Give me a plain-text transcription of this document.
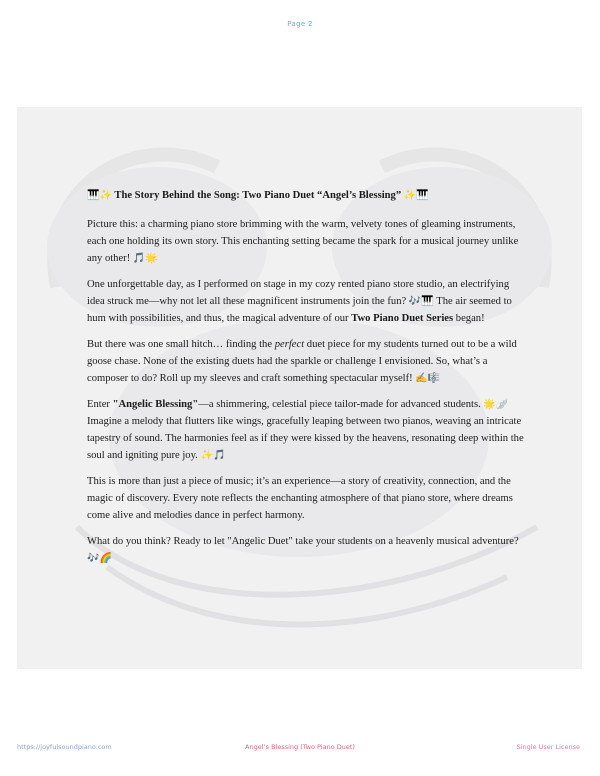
Page 2
🎹✨ The Story Behind the Song: Two Piano Duet “Angel’s Blessing” ✨🎹

Picture this: a charming piano store brimming with the warm, velvety tones of gleaming instruments, each one holding its own story. This enchanting setting became the spark for a musical journey unlike any other! 🎵🌟

One unforgettable day, as I performed on stage in my cozy rented piano store studio, an electrifying idea struck me—why not let all these magnificent instruments join the fun? 🎶🎹 The air seemed to hum with possibilities, and thus, the magical adventure of our Two Piano Duet Series began!

But there was one small hitch… finding the perfect duet piece for my students turned out to be a wild goose chase. None of the existing duets had the sparkle or challenge I envisioned. So, what’s a composer to do? Roll up my sleeves and craft something spectacular myself! ✍️🎼

Enter "Angelic Blessing"—a shimmering, celestial piece tailor-made for advanced students. 🌟🪽 Imagine a melody that flutters like wings, gracefully leaping between two pianos, weaving an intricate tapestry of sound. The harmonies feel as if they were kissed by the heavens, resonating deep within the soul and igniting pure joy. ✨🎵

This is more than just a piece of music; it’s an experience—a story of creativity, connection, and the magic of discovery. Every note reflects the enchanting atmosphere of that piano store, where dreams come alive and melodies dance in perfect harmony.

What do you think? Ready to let "Angelic Duet" take your students on a heavenly musical adventure? 🎶🌈

https://joyfulsoundpiano.com	Angel’s Blessing (Two Piano Duet)	Single User License
